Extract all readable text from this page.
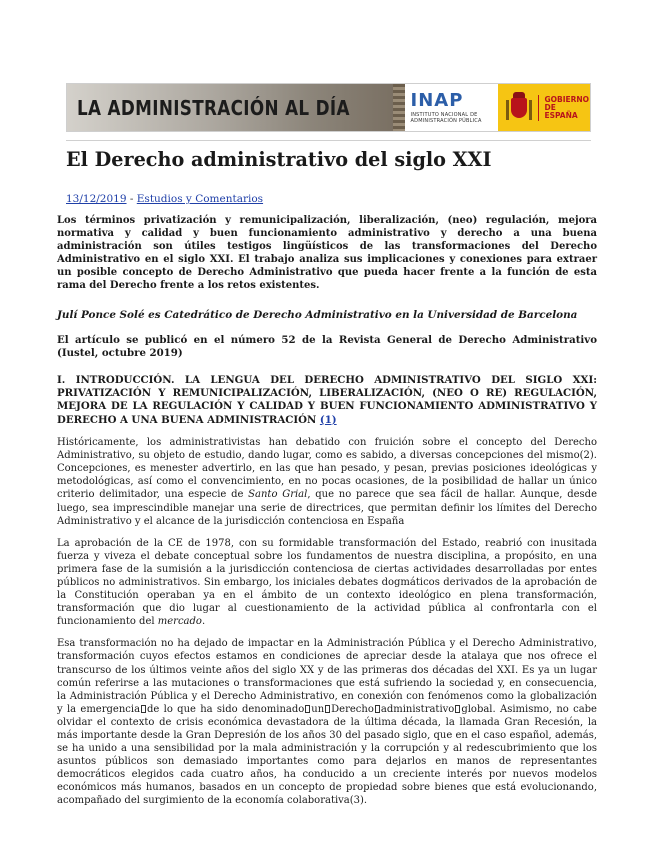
LA ADMINISTRACIÓN AL DÍA	INAP
INSTITUTO NACIONAL DE ADMINISTRACIÓN PÚBLICA
GOBIERNO
DE ESPAÑA
El Derecho administrativo del siglo XXI
13/12/2019 - Estudios y Comentarios

Los términos privatización y remunicipalización, liberalización, (neo) regulación, mejora normativa y calidad y buen funcionamiento administrativo y derecho a una buena administración son útiles testigos lingüísticos de las transformaciones del Derecho Administrativo en el siglo XXI. El trabajo analiza sus implicaciones y conexiones para extraer un posible concepto de Derecho Administrativo que pueda hacer frente a la función de esta rama del Derecho frente a los retos existentes.

Julí Ponce Solé es Catedrático de Derecho Administrativo en la Universidad de Barcelona

El artículo se publicó en el número 52 de la Revista General de Derecho Administrativo (Iustel, octubre 2019)

I. INTRODUCCIÓN. LA LENGUA DEL DERECHO ADMINISTRATIVO DEL SIGLO XXI: PRIVATIZACIÓN Y REMUNICIPALIZACIÓN, LIBERALIZACIÓN, (NEO O RE) REGULACIÓN, MEJORA DE LA REGULACIÓN Y CALIDAD Y BUEN FUNCIONAMIENTO ADMINISTRATIVO Y DERECHO A UNA BUENA ADMINISTRACIÓN (1)

Históricamente, los administrativistas han debatido con fruición sobre el concepto del Derecho Administrativo, su objeto de estudio, dando lugar, como es sabido, a diversas concepciones del mismo(2). Concepciones, es menester advertirlo, en las que han pesado, y pesan, previas posiciones ideológicas y metodológicas, así como el convencimiento, en no pocas ocasiones, de la posibilidad de hallar un único criterio delimitador, una especie de Santo Grial, que no parece que sea fácil de hallar. Aunque, desde luego, sea imprescindible manejar una serie de directrices, que permitan definir los límites del Derecho Administrativo y el alcance de la jurisdicción contenciosa en España

La aprobación de la CE de 1978, con su formidable transformación del Estado, reabrió con inusitada fuerza y viveza el debate conceptual sobre los fundamentos de nuestra disciplina, a propósito, en una primera fase de la sumisión a la jurisdicción contenciosa de ciertas actividades desarrolladas por entes públicos no administrativos. Sin embargo, los iniciales debates dogmáticos derivados de la aprobación de la Constitución operaban ya en el ámbito de un contexto ideológico en plena transformación, transformación que dio lugar al cuestionamiento de la actividad pública al confrontarla con el funcionamiento del mercado.

Esa transformación no ha dejado de impactar en la Administración Pública y el Derecho Administrativo, transformación cuyos efectos estamos en condiciones de apreciar desde la atalaya que nos ofrece el transcurso de los últimos veinte años del siglo XX y de las primeras dos décadas del XXI. Es ya un lugar común referirse a las mutaciones o transformaciones que está sufriendo la sociedad y, en consecuencia, la Administración Pública y el Derecho Administrativo, en conexión con fenómenos como la globalización y la emergencia de lo que ha sido denominado un Derecho administrativo global. Asimismo, no cabe olvidar el contexto de crisis económica devastadora de la última década, la llamada Gran Recesión, la más importante desde la Gran Depresión de los años 30 del pasado siglo, que en el caso español, además, se ha unido a una sensibilidad por la mala administración y la corrupción y al redescubrimiento que los asuntos públicos son demasiado importantes como para dejarlos en manos de representantes democráticos elegidos cada cuatro años, ha conducido a un creciente interés por nuevos modelos económicos más humanos, basados en un concepto de propiedad sobre bienes que está evolucionando, acompañado del surgimiento de la economía colaborativa(3).
